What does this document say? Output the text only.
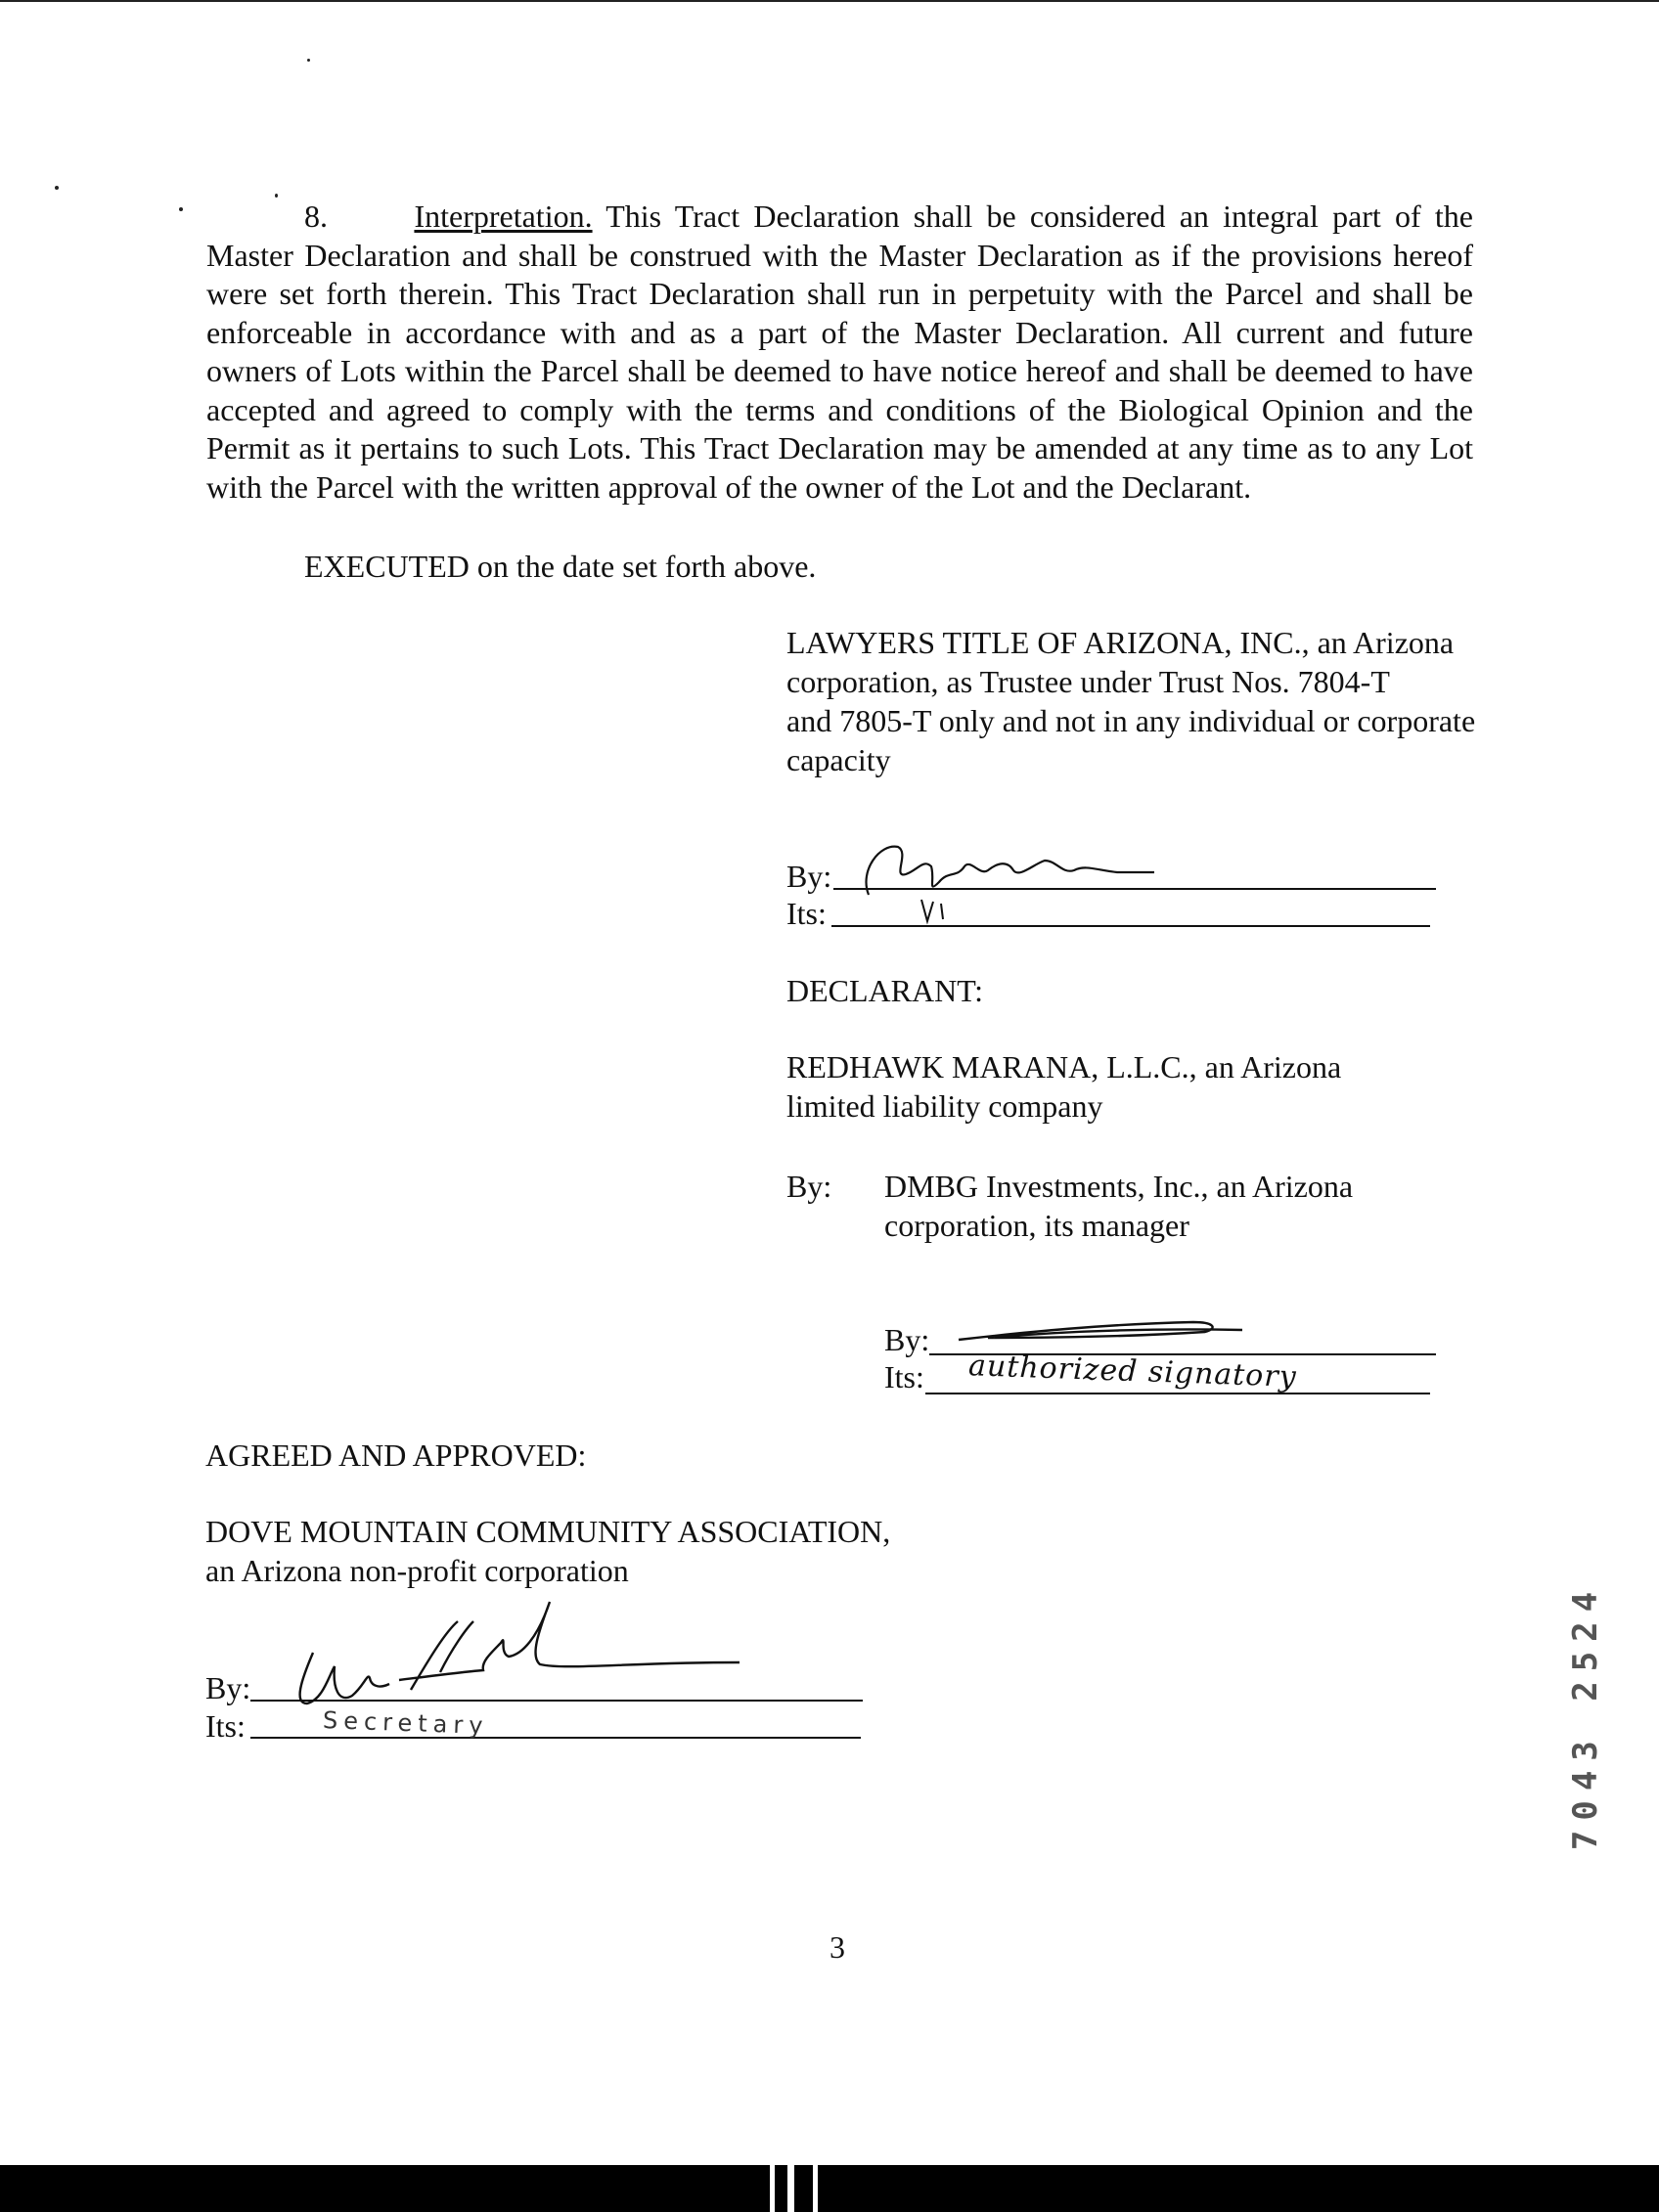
8.	Interpretation. This Tract Declaration shall be considered an integral part of the
Master Declaration and shall be construed with the Master Declaration as if the provisions hereof
were set forth therein. This Tract Declaration shall run in perpetuity with the Parcel and shall be
enforceable in accordance with and as a part of the Master Declaration. All current and future
owners of Lots within the Parcel shall be deemed to have notice hereof and shall be deemed to have
accepted and agreed to comply with the terms and conditions of the Biological Opinion and the
Permit as it pertains to such Lots. This Tract Declaration may be amended at any time as to any Lot
with the Parcel with the written approval of the owner of the Lot and the Declarant.
EXECUTED on the date set forth above.
LAWYERS TITLE OF ARIZONA, INC., an Arizona
corporation, as Trustee under Trust Nos. 7804-T
and 7805-T only and not in any individual or corporate
capacity
By:
Its:
DECLARANT:
REDHAWK MARANA, L.L.C., an Arizona
limited liability company
By: DMBG Investments, Inc., an Arizona
corporation, its manager
By:
Its: authorized signatory
AGREED AND APPROVED:
DOVE MOUNTAIN COMMUNITY ASSOCIATION,
an Arizona non-profit corporation
By:
Its:	Secretary	7043 2524
3
